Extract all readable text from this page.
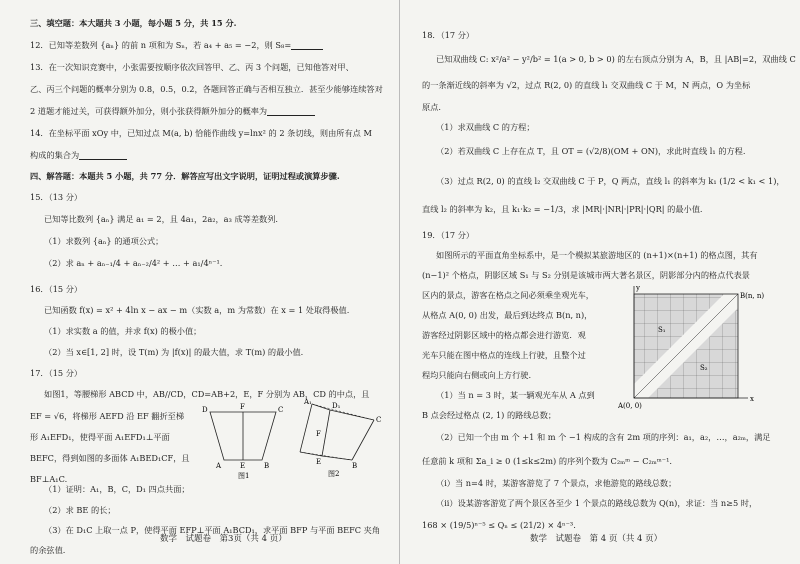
三、填空题：本大题共 3 小题，每小题 5 分，共 15 分.
12．已知等差数列 {aₙ} 的前 n 项和为 Sₙ，若 a₄ + a₅ = −2，则 S₈=
13．在一次知识竞赛中，小张需要按顺序依次回答甲、乙、丙 3 个问题，已知他答对甲、
乙、丙三个问题的概率分别为 0.8，0.5，0.2，各题回答正确与否相互独立．甚至少能够连续答对
2 道题才能过关，可获得额外加分，则小张获得额外加分的概率为
14．在坐标平面 xOy 中，已知过点 M(a, b) 恰能作曲线 y=lnx² 的 2 条切线，则由所有点 M
构成的集合为
四、解答题：本题共 5 小题，共 77 分．解答应写出文字说明，证明过程或演算步骤.
15．（13 分）
已知等比数列 {aₙ} 满足 a₁ = 2，且 4a₁，2a₂，a₃ 成等差数列.
（1）求数列 {aₙ} 的通项公式；
（2）求 aₙ + aₙ₋₁/4 + aₙ₋₂/4² + … + a₁/4ⁿ⁻¹.
16．（15 分）
已知函数 f(x) = x² + 4ln x − ax − m（实数 a，m 为常数）在 x = 1 处取得极值.
（1）求实数 a 的值，并求 f(x) 的极小值；
（2）当 x∈[1, 2] 时，设 T(m) 为 |f(x)| 的最大值，求 T(m) 的最小值.
17．（15 分）
如图1，等腰梯形 ABCD 中，AB//CD，CD=AB+2，E，F 分别为 AB，CD 的中点，且
EF = √6，将梯形 AEFD 沿 EF 翻折至梯
形 A₁EFD₁，使得平面 A₁EFD₁⊥平面
BEFC，得到如图的多面体 A₁BED₁CF，且
BF⊥A₁C.
（1）证明：A₁，B，C，D₁ 四点共面；
（2）求 BE 的长；
（3）在 D₁C 上取一点 P，使得平面 EFP⊥平面 A₁BCD₁，求平面 BFP 与平面 BEFC 夹角
的余弦值.
D	F	C
A	E	B
图1
A₁	D₁
F
C
E	B
图2
数学　试题卷　第3页（共 4 页）
18．（17 分）
已知双曲线 C: x²/a² − y²/b² = 1(a > 0, b > 0) 的左右顶点分别为 A，B，且 |AB|=2，双曲线 C
的一条渐近线的斜率为 √2，过点 R(2, 0) 的直线 l₁ 交双曲线 C 于 M，N 两点，O 为坐标
原点.
（1）求双曲线 C 的方程；
（2）若双曲线 C 上存在点 T，且 OT = (√2/8)(OM + ON)，求此时直线 l₁ 的方程.
（3）过点 R(2, 0) 的直线 l₂ 交双曲线 C 于 P，Q 两点，直线 l₁ 的斜率为 k₁ (1/2 < k₁ < 1)，
直线 l₂ 的斜率为 k₂，且 k₁·k₂ = −1/3，求 |MR|·|NR|·|PR|·|QR| 的最小值.
19．（17 分）
如图所示的平面直角坐标系中，是一个模拟某旅游地区的 (n+1)×(n+1) 的格点图，其有
(n−1)² 个格点，阴影区域 S₁ 与 S₂ 分别是该城市两大著名景区，阴影部分内的格点代表景
区内的景点，游客在格点之间必须乘坐观光车，
从格点 A(0, 0) 出发，最后到达终点 B(n, n)，
游客经过阴影区域中的格点都会进行游览．观
光车只能在图中格点的连线上行驶，且整个过
程均只能向右侧或向上方行驶.
（1）当 n = 3 时，某一辆观光车从 A 点到
B 点会经过格点 (2, 1) 的路线总数；
（2）已知一个由 m 个 +1 和 m 个 −1 构成的含有 2m 项的序列：a₁，a₂，…，a₂ₘ，满足
任意前 k 项和 Σa_i ≥ 0 (1≤k≤2m) 的序列个数为 C₂ₘᵐ − C₂ₘᵐ⁻¹.
（i）当 n=4 时，某游客游览了 7 个景点，求他游览的路线总数；
（ii）设某游客游览了两个景区各至少 1 个景点的路线总数为 Q(n)，求证：当 n≥5 时，
168 × (19/5)ⁿ⁻⁵ ≤ Qₙ ≤ (21/2) × 4ⁿ⁻³.
x
y
B(n, n)
A(0, 0)
S₁
S₂
数学　试题卷　第 4 页（共 4 页）
